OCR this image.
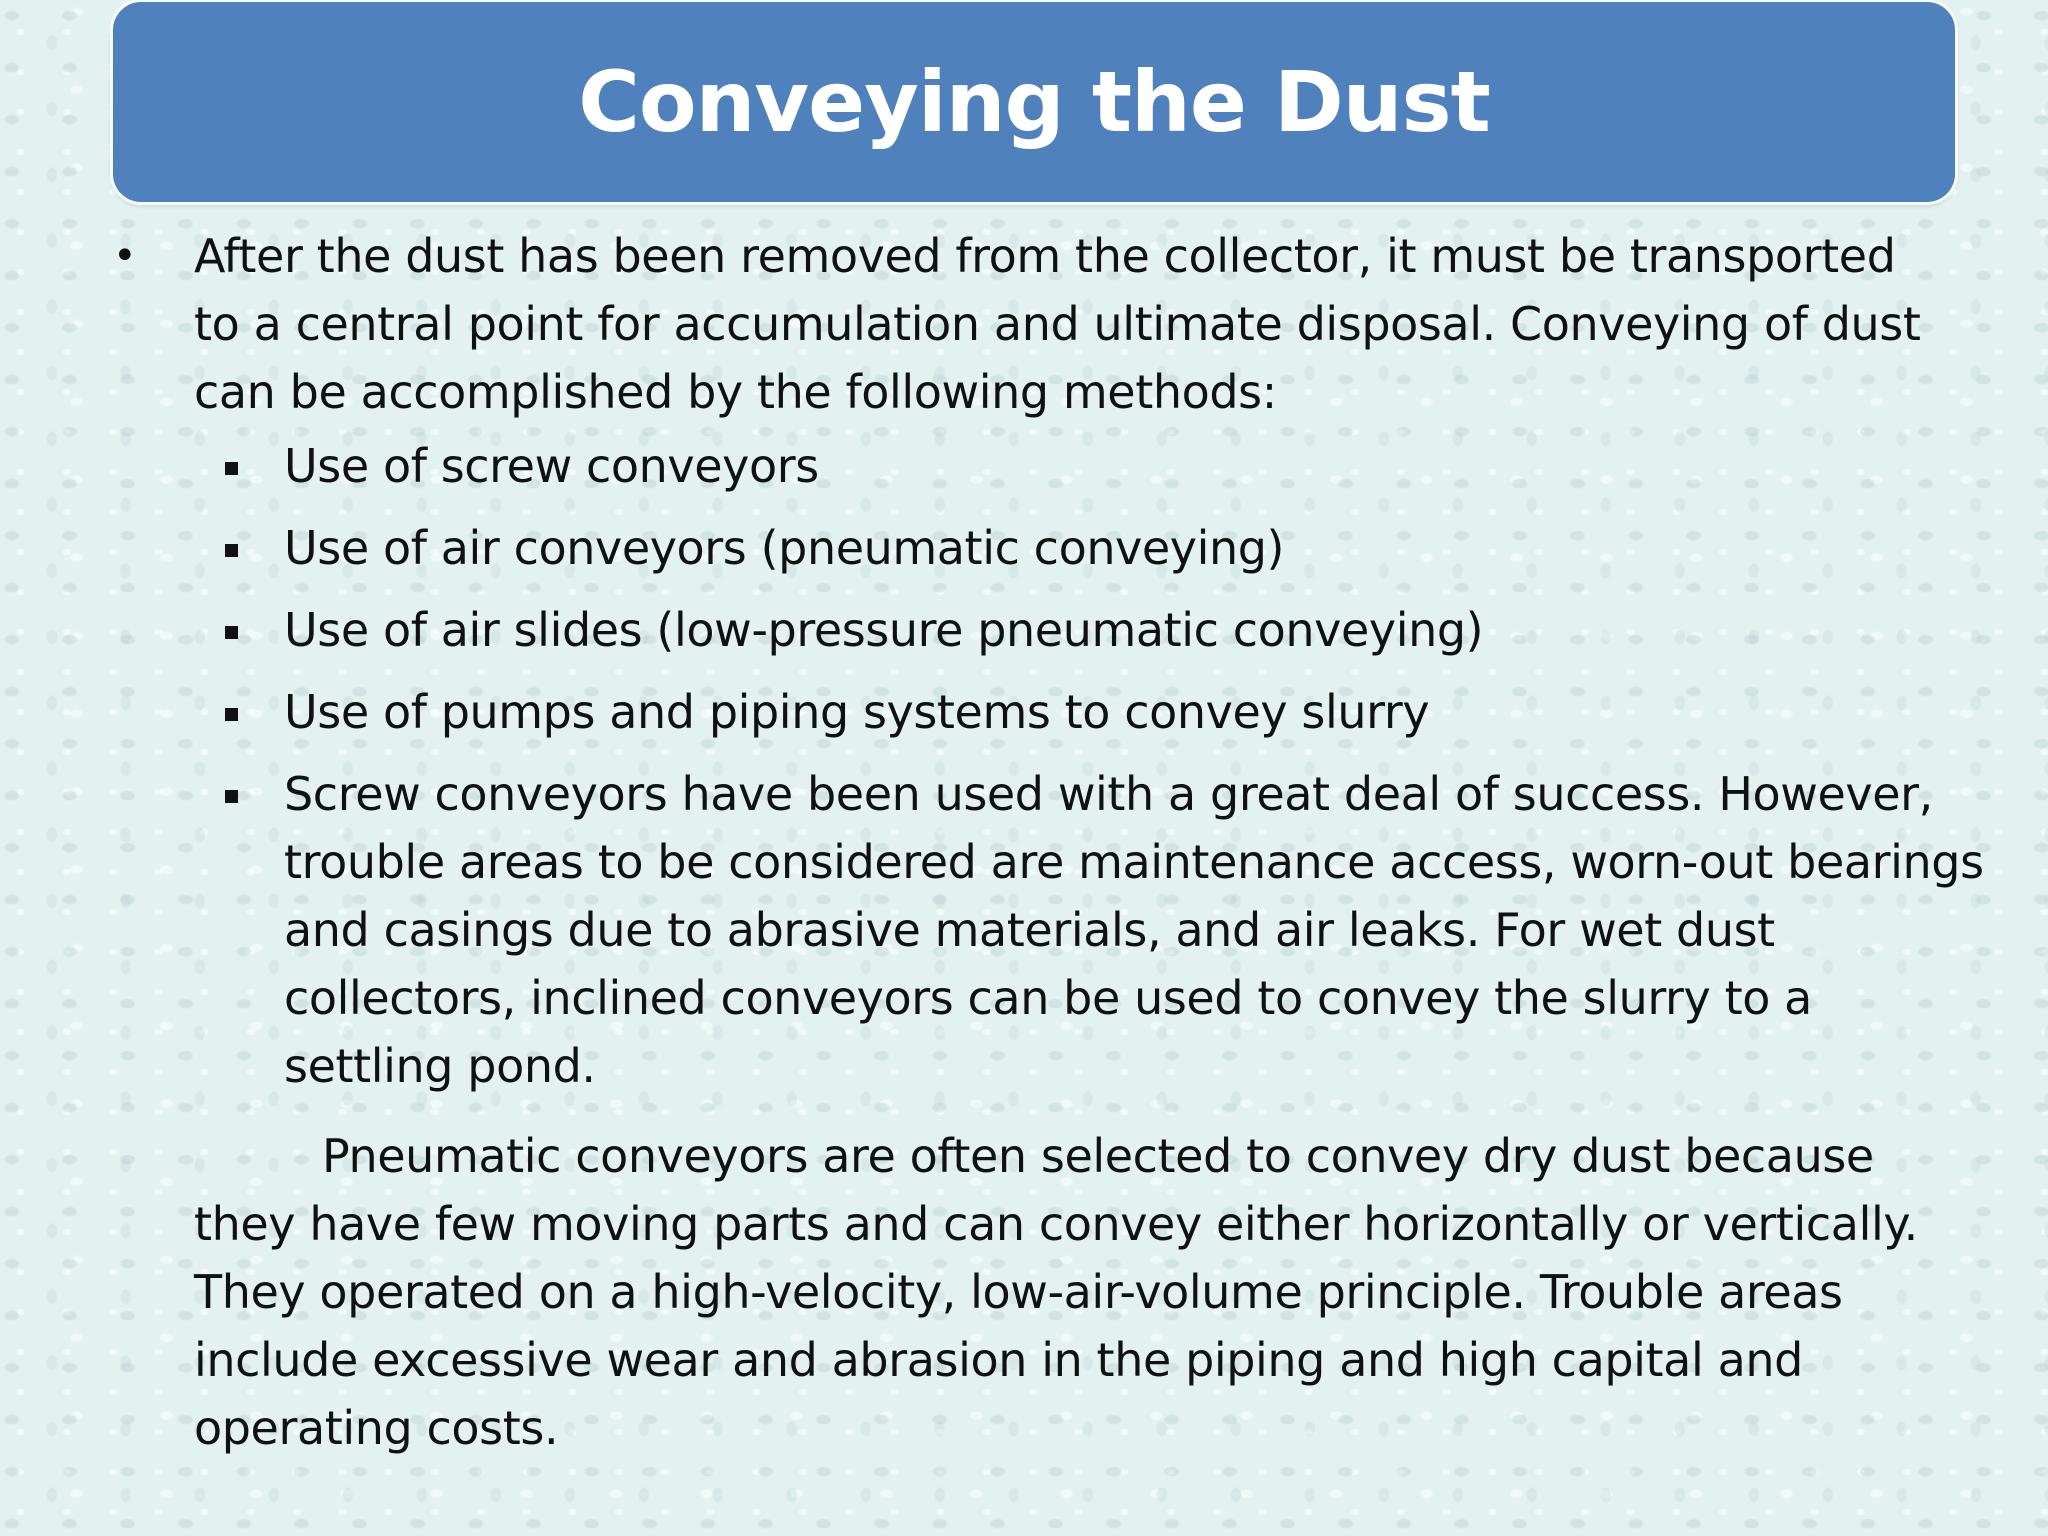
Conveying the Dust
• After the dust has been removed from the collector, it must be transported to a central point for accumulation and ultimate disposal. Conveying of dust can be accomplished by the following methods:

Use of screw conveyors
Use of air conveyors (pneumatic conveying)
Use of air slides (low-pressure pneumatic conveying)
Use of pumps and piping systems to convey slurry
Screw conveyors have been used with a great deal of success. However, trouble areas to be considered are maintenance access, worn-out bearings and casings due to abrasive materials, and air leaks. For wet dust collectors, inclined conveyors can be used to convey the slurry to a settling pond.

Pneumatic conveyors are often selected to convey dry dust because they have few moving parts and can convey either horizontally or vertically. They operated on a high-velocity, low-air-volume principle. Trouble areas include excessive wear and abrasion in the piping and high capital and operating costs.
